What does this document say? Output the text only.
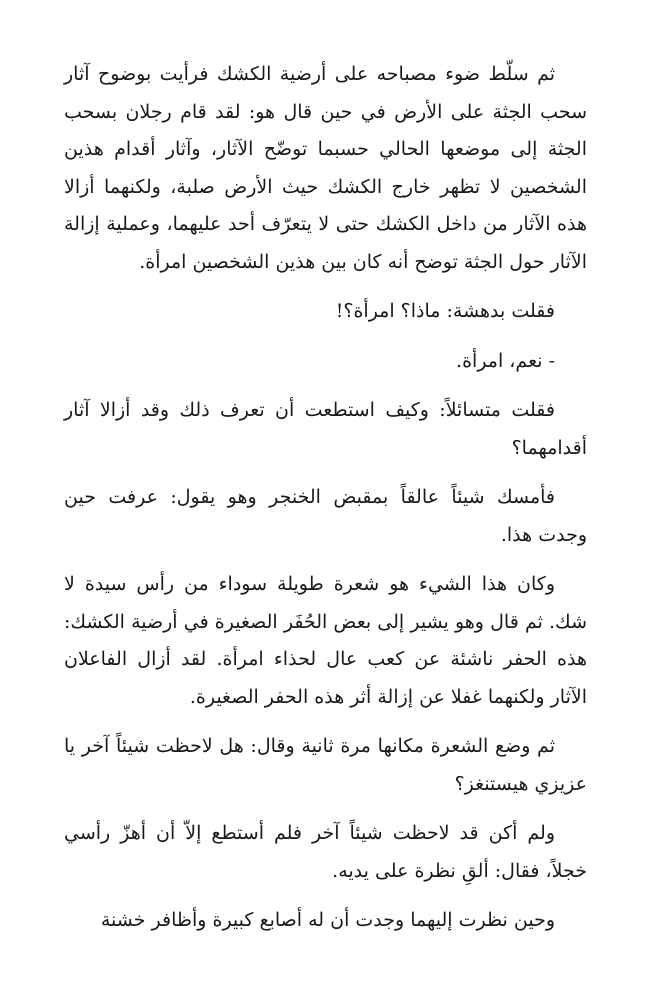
ثم سلّط ضوء مصباحه على أرضية الكشك فرأيت بوضوح آثار سحب الجثة على الأرض في حين قال هو: لقد قام رجلان بسحب الجثة إلى موضعها الحالي حسبما توضّح الآثار، وآثار أقدام هذين الشخصين لا تظهر خارج الكشك حيث الأرض صلبة، ولكنهما أزالا هذه الآثار من داخل الكشك حتى لا يتعرّف أحد عليهما، وعملية إزالة الآثار حول الجثة توضح أنه كان بين هذين الشخصين امرأة.

فقلت بدهشة: ماذا؟ امرأة؟!

- نعم، امرأة.

فقلت متسائلاً: وكيف استطعت أن تعرف ذلك وقد أزالا آثار أقدامهما؟

فأمسك شيئاً عالقاً بمقبض الخنجر وهو يقول: عرفت حين وجدت هذا.

وكان هذا الشيء هو شعرة طويلة سوداء من رأس سيدة لا شك. ثم قال وهو يشير إلى بعض الحُفَر الصغيرة في أرضية الكشك: هذه الحفر ناشئة عن كعب عال لحذاء امرأة. لقد أزال الفاعلان الآثار ولكنهما غفلا عن إزالة أثر هذه الحفر الصغيرة.

ثم وضع الشعرة مكانها مرة ثانية وقال: هل لاحظت شيئاً آخر يا عزيزي هيستنغز؟

ولم أكن قد لاحظت شيئاً آخر فلم أستطع إلاّ أن أهزّ رأسي خجلاً، فقال: ألقِ نظرة على يديه.

وحين نظرت إليهما وجدت أن له أصابع كبيرة وأظافر خشنة
